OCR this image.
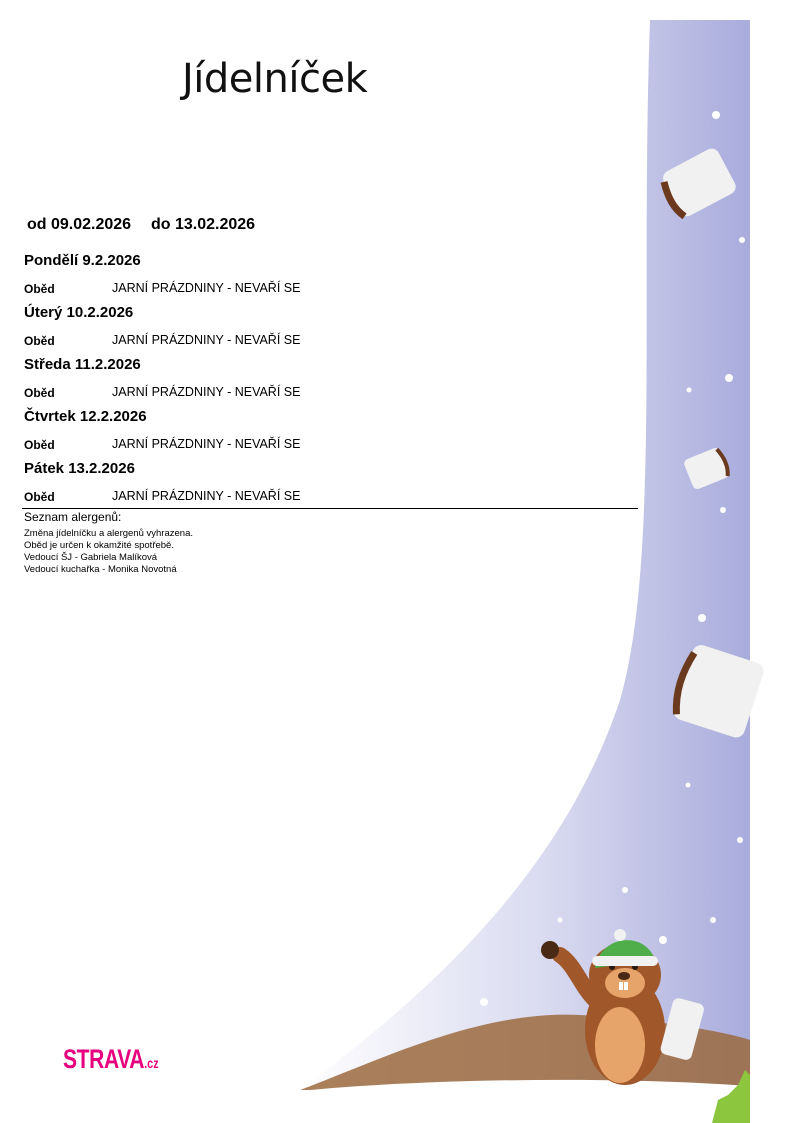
Jídelníček
od 09.02.2026 do 13.02.2026
Pondělí 9.2.2026
Oběd	JARNÍ PRÁZDNINY - NEVAŘÍ SE
Úterý 10.2.2026
Oběd	JARNÍ PRÁZDNINY - NEVAŘÍ SE
Středa 11.2.2026
Oběd	JARNÍ PRÁZDNINY - NEVAŘÍ SE
Čtvrtek 12.2.2026
Oběd	JARNÍ PRÁZDNINY - NEVAŘÍ SE
Pátek 13.2.2026
Oběd	JARNÍ PRÁZDNINY - NEVAŘÍ SE
Seznam alergenů:
Změna jídelníčku a alergenů vyhrazena.
Oběd je určen k okamžité spotřebě.
Vedoucí ŠJ - Gabriela Malíková
Vedoucí kuchařka - Monika Novotná
STRAVA.cz
